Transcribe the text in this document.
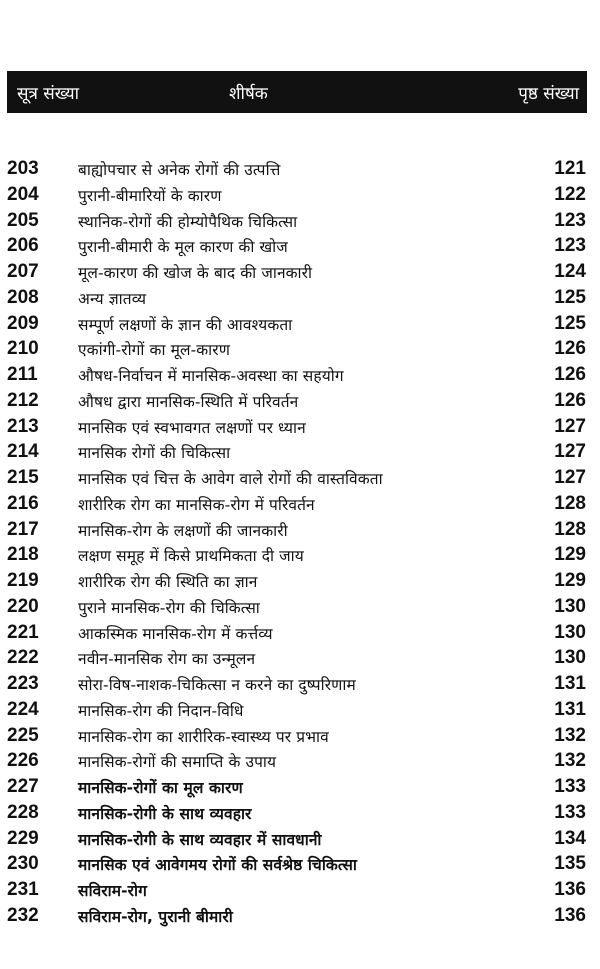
सूत्र संख्या	शीर्षक	पृष्ठ संख्या
203	बाह्योपचार से अनेक रोगों की उत्पत्ति	121
204	पुरानी-बीमारियों के कारण	122
205	स्थानिक-रोगों की होम्योपैथिक चिकित्सा	123
206	पुरानी-बीमारी के मूल कारण की खोज	123
207	मूल-कारण की खोज के बाद की जानकारी	124
208	अन्य ज्ञातव्य	125
209	सम्पूर्ण लक्षणों के ज्ञान की आवश्यकता	125
210	एकांगी-रोगों का मूल-कारण	126
211	औषध-निर्वाचन में मानसिक-अवस्था का सहयोग	126
212	औषध द्वारा मानसिक-स्थिति में परिवर्तन	126
213	मानसिक एवं स्वभावगत लक्षणों पर ध्यान	127
214	मानसिक रोगों की चिकित्सा	127
215	मानसिक एवं चित्त के आवेग वाले रोगों की वास्तविकता	127
216	शारीरिक रोग का मानसिक-रोग में परिवर्तन	128
217	मानसिक-रोग के लक्षणों की जानकारी	128
218	लक्षण समूह में किसे प्राथमिकता दी जाय	129
219	शारीरिक रोग की स्थिति का ज्ञान	129
220	पुराने मानसिक-रोग की चिकित्सा	130
221	आकस्मिक मानसिक-रोग में कर्त्तव्य	130
222	नवीन-मानसिक रोग का उन्मूलन	130
223	सोरा-विष-नाशक-चिकित्सा न करने का दुष्परिणाम	131
224	मानसिक-रोग की निदान-विधि	131
225	मानसिक-रोग का शारीरिक-स्वास्थ्य पर प्रभाव	132
226	मानसिक-रोगों की समाप्ति के उपाय	132
227	मानसिक-रोगों का मूल कारण	133
228	मानसिक-रोगी के साथ व्यवहार	133
229	मानसिक-रोगी के साथ व्यवहार में सावधानी	134
230	मानसिक एवं आवेगमय रोगों की सर्वश्रेष्ठ चिकित्सा	135
231	सविराम-रोग	136
232	सविराम-रोग, पुरानी बीमारी	136
